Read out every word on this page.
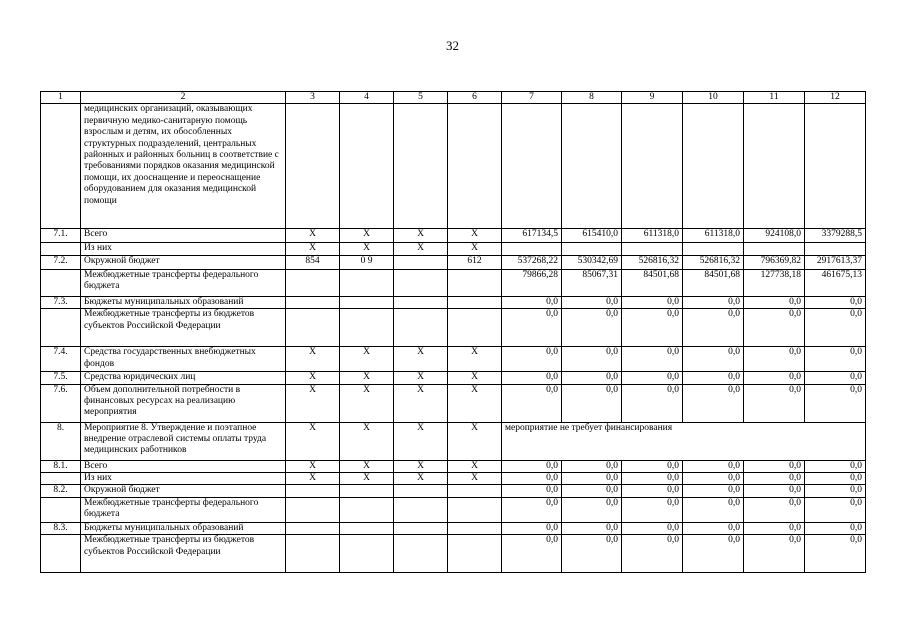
32
1	2	3	4	5	6	7	8	9	10	11	12
	медицинских организаций, оказывающих первичную медико-санитарную помощь взрослым и детям, их обособленных структурных подразделений, центральных районных и районных больниц в соответствие с требованиями порядков оказания медицинской помощи, их дооснащение и переоснащение оборудованием для оказания медицинской помощи										
7.1.	Всего	X	X	X	X	617134,5	615410,0	611318,0	611318,0	924108,0	3379288,5
	Из них	X	X	X	X						
7.2.	Окружной бюджет	854	0 9		612	537268,22	530342,69	526816,32	526816,32	796369,82	2917613,37
	Межбюджетные трансферты федерального бюджета					79866,28	85067,31	84501,68	84501,68	127738,18	461675,13
7.3.	Бюджеты муниципальных образований					0,0	0,0	0,0	0,0	0,0	0,0
	Межбюджетные трансферты из бюджетов субъектов Российской Федерации					0,0	0,0	0,0	0,0	0,0	0,0
7.4.	Средства государственных внебюджетных фондов	X	X	X	X	0,0	0,0	0,0	0,0	0,0	0,0
7.5.	Средства юридических лиц	X	X	X	X	0,0	0,0	0,0	0,0	0,0	0,0
7.6.	Объем дополнительной потребности в финансовых ресурсах на реализацию мероприятия	X	X	X	X	0,0	0,0	0,0	0,0	0,0	0,0
8.	Мероприятие 8. Утверждение и поэтапное внедрение отраслевой системы оплаты труда медицинских работников	X	X	X	X	мероприятие не требует финансирования					
8.1.	Всего	X	X	X	X	0,0	0,0	0,0	0,0	0,0	0,0
	Из них	X	X	X	X	0,0	0,0	0,0	0,0	0,0	0,0
8.2.	Окружной бюджет					0,0	0,0	0,0	0,0	0,0	0,0
	Межбюджетные трансферты федерального бюджета					0,0	0,0	0,0	0,0	0,0	0,0
8.3.	Бюджеты муниципальных образований					0,0	0,0	0,0	0,0	0,0	0,0
	Межбюджетные трансферты из бюджетов субъектов Российской Федерации					0,0	0,0	0,0	0,0	0,0	0,0
